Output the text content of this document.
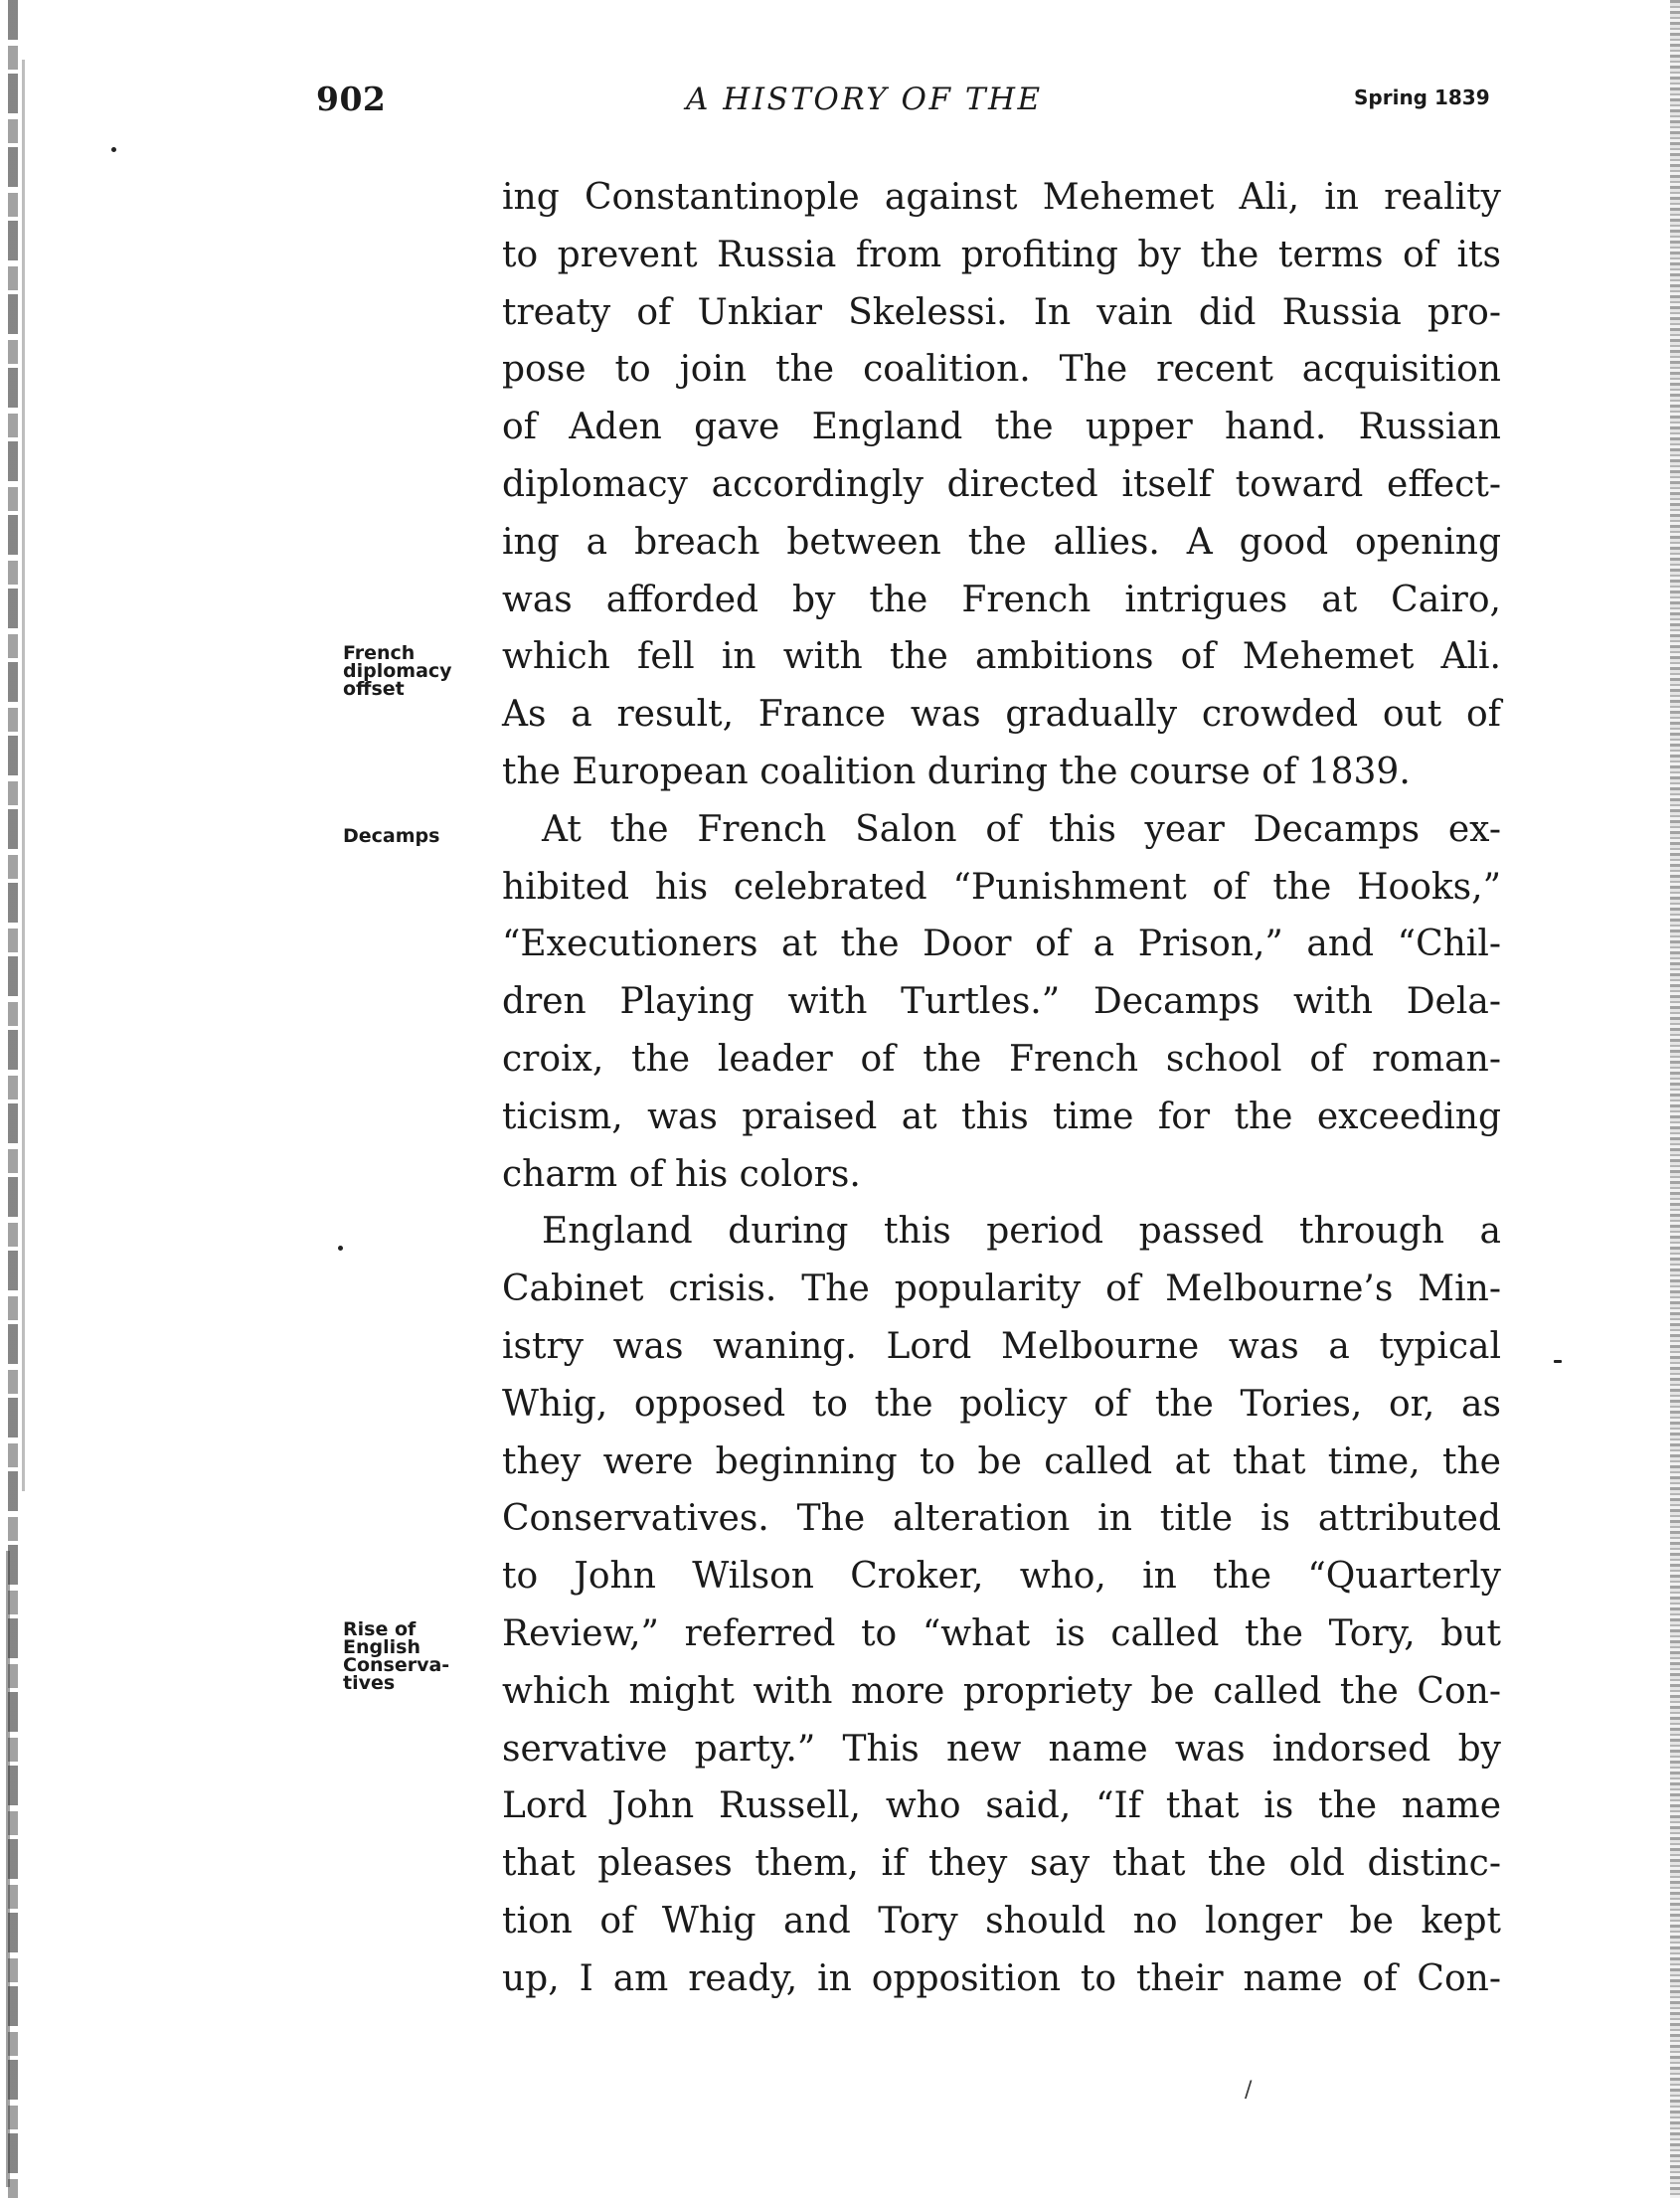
902	A HISTORY OF THE	Spring 1839
French
diplomacy
offset
Decamps
Rise of
English
Conserva-
tives
ing Constantinople against Mehemet Ali, in reality
to prevent Russia from profiting by the terms of its
treaty of Unkiar Skelessi. In vain did Russia pro-
pose to join the coalition. The recent acquisition
of Aden gave England the upper hand. Russian
diplomacy accordingly directed itself toward effect-
ing a breach between the allies. A good opening
was afforded by the French intrigues at Cairo,
which fell in with the ambitions of Mehemet Ali.
As a result, France was gradually crowded out of
the European coalition during the course of 1839.
At the French Salon of this year Decamps ex-
hibited his celebrated “Punishment of the Hooks,”
“Executioners at the Door of a Prison,” and “Chil-
dren Playing with Turtles.” Decamps with Dela-
croix, the leader of the French school of roman-
ticism, was praised at this time for the exceeding
charm of his colors.
England during this period passed through a
Cabinet crisis. The popularity of Melbourne’s Min-
istry was waning. Lord Melbourne was a typical
Whig, opposed to the policy of the Tories, or, as
they were beginning to be called at that time, the
Conservatives. The alteration in title is attributed
to John Wilson Croker, who, in the “Quarterly
Review,” referred to “what is called the Tory, but
which might with more propriety be called the Con-
servative party.” This new name was indorsed by
Lord John Russell, who said, “If that is the name
that pleases them, if they say that the old distinc-
tion of Whig and Tory should no longer be kept
up, I am ready, in opposition to their name of Con-
/
